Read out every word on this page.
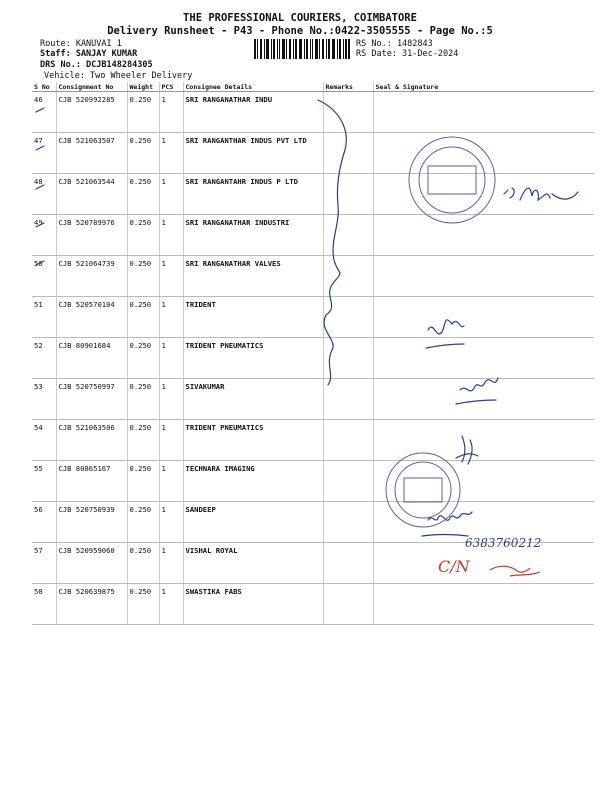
THE PROFESSIONAL COURIERS, COIMBATORE
Delivery Runsheet - P43 - Phone No.:0422-3505555 - Page No.:5
Route: KANUVAI 1
Staff: SANJAY KUMAR
DRS No.: DCJB148284305
Vehicle: Two Wheeler Delivery
RS No.: 1482843
RS Date: 31-Dec-2024
S No	Consignment No	Weight	PCS	Consignee Details	Remarks	Seal & Signature
46	CJB 520992285	0.250	1	SRI RANGANATHAR INDU		
47	CJB 521063507	0.250	1	SRI RANGANTHAR INDUS PVT LTD		
48	CJB 521063544	0.250	1	SRI RANGANTAHR INDUS P LTD		
49	CJB 520789976	0.250	1	SRI RANGANATHAR INDUSTRI		
50	CJB 521064739	0.250	1	SRI RANGANATHAR VALVES		
51	CJB 520570104	0.250	1	TRIDENT		
52	CJB 80901684	0.250	1	TRIDENT PNEUMATICS		
53	CJB 520750997	0.250	1	SIVAKUMAR		
54	CJB 521063506	0.250	1	TRIDENT PNEUMATICS		
55	CJB 80865167	0.250	1	TECHNARA IMAGING		
56	CJB 520750939	0.250	1	SANDEEP		
57	CJB 520959060	0.250	1	VISHAL ROYAL		
58	CJB 520639875	0.250	1	SWASTIKA FABS		
6383760212
C/N
